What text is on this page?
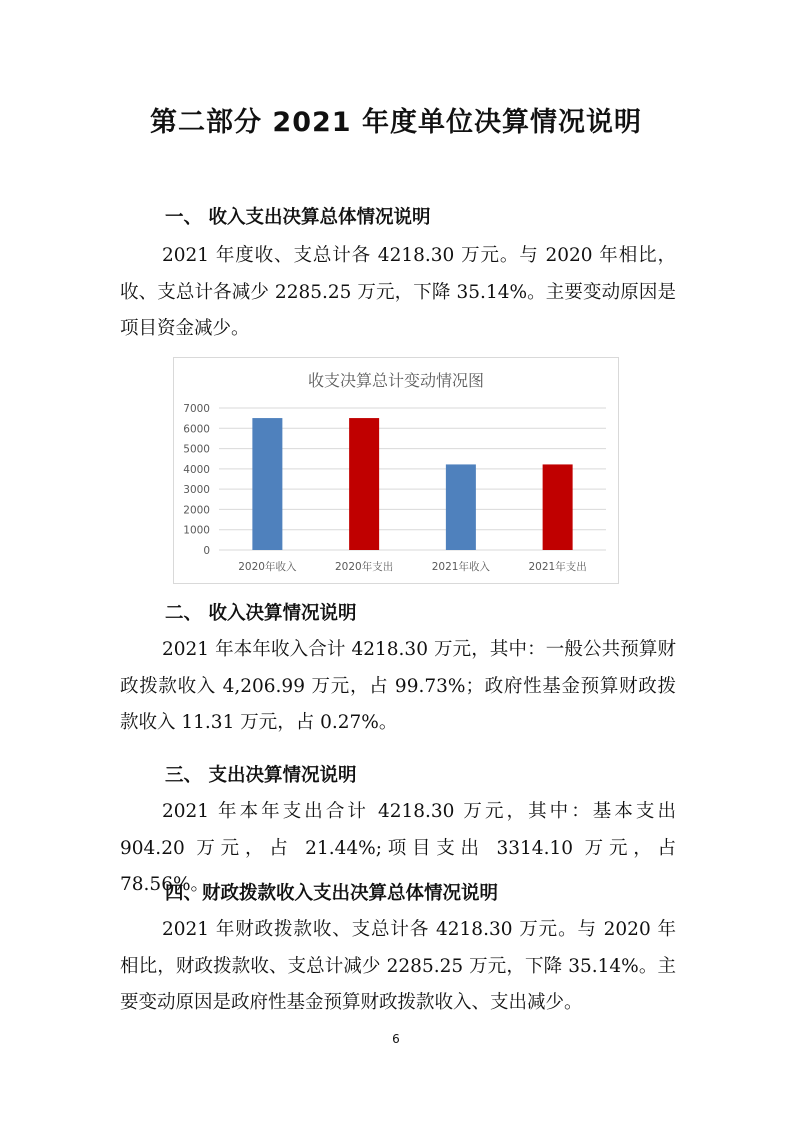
第二部分 2021 年度单位决算情况说明
一、 收入支出决算总体情况说明

2021 年度收、支总计各 4218.30 万元。与 2020 年相比，收、支总计各减少 2285.25 万元，下降 35.14%。主要变动原因是项目资金减少。

收支决算总计变动情况图
0
1000
2000
3000
4000
5000
6000
7000
2020年收入	2020年支出	2021年收入	2021年支出
二、 收入决算情况说明

2021 年本年收入合计 4218.30 万元，其中：一般公共预算财政拨款收入 4,206.99 万元，占 99.73%；政府性基金预算财政拨款收入 11.31 万元，占 0.27%。

三、 支出决算情况说明

2021 年本年支出合计 4218.30 万元，其中：基本支出 904.20 万元，占 21.44%;项目支出 3314.10 万元，占 78.56%。

四、财政拨款收入支出决算总体情况说明

2021 年财政拨款收、支总计各 4218.30 万元。与 2020 年相比，财政拨款收、支总计减少 2285.25 万元，下降 35.14%。主要变动原因是政府性基金预算财政拨款收入、支出减少。

6
